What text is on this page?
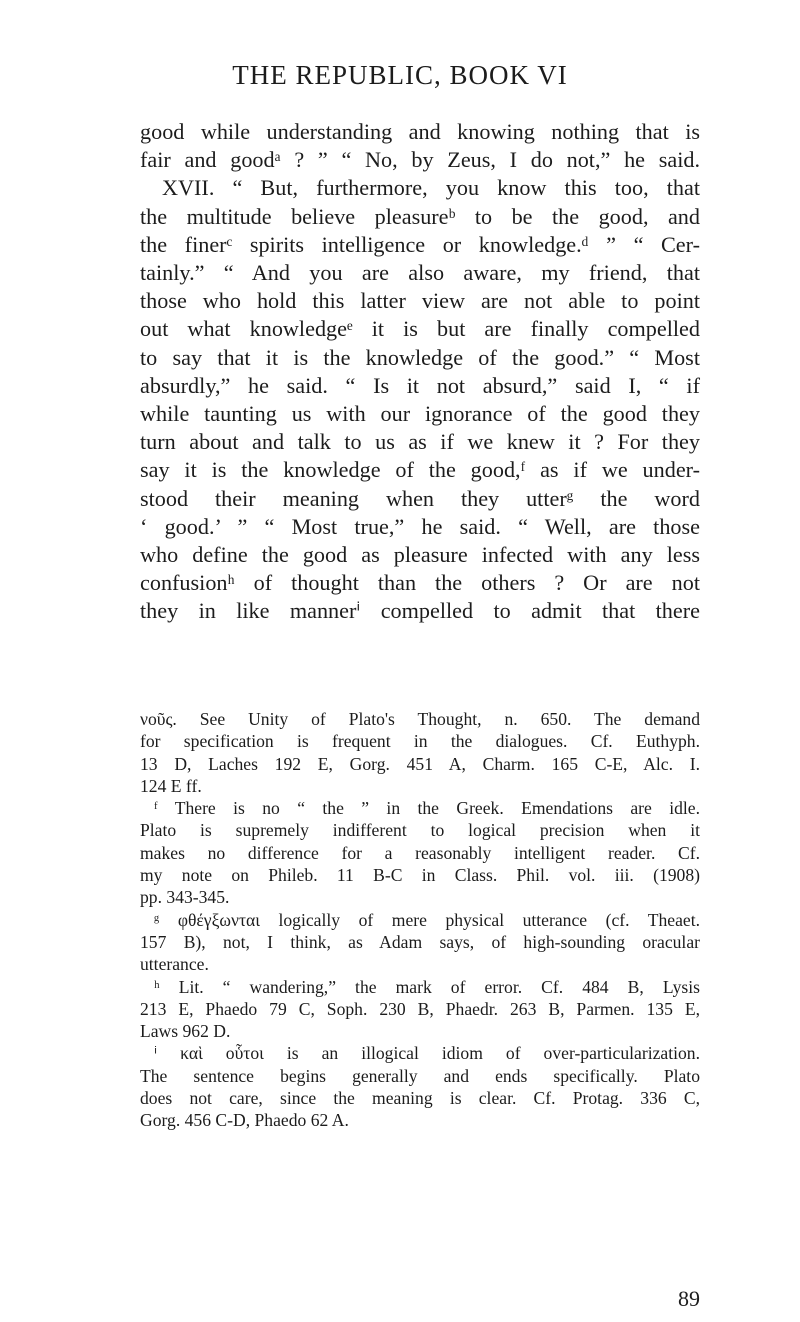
THE REPUBLIC, BOOK VI
good while understanding and knowing nothing that is
fair and goodᵃ ? ” “ No, by Zeus, I do not,” he said.
XVII. “ But, furthermore, you know this too, that
the multitude believe pleasureᵇ to be the good, and
the finerᶜ spirits intelligence or knowledge.ᵈ ” “ Cer-
tainly.” “ And you are also aware, my friend, that
those who hold this latter view are not able to point
out what knowledgeᵉ it is but are finally compelled
to say that it is the knowledge of the good.” “ Most
absurdly,” he said. “ Is it not absurd,” said I, “ if
while taunting us with our ignorance of the good they
turn about and talk to us as if we knew it ? For they
say it is the knowledge of the good,ᶠ as if we under-
stood their meaning when they utterᵍ the word
‘ good.’ ” “ Most true,” he said. “ Well, are those
who define the good as pleasure infected with any less
confusionʰ of thought than the others ? Or are not
they in like mannerⁱ compelled to admit that there
νοῦς. See Unity of Plato's Thought, n. 650. The demand
for specification is frequent in the dialogues. Cf. Euthyph.
13 D, Laches 192 E, Gorg. 451 A, Charm. 165 C-E, Alc. I.
124 E ff.
ᶠ There is no “ the ” in the Greek. Emendations are idle.
Plato is supremely indifferent to logical precision when it
makes no difference for a reasonably intelligent reader. Cf.
my note on Phileb. 11 B-C in Class. Phil. vol. iii. (1908)
pp. 343-345.
ᵍ φθέγξωνται logically of mere physical utterance (cf. Theaet.
157 B), not, I think, as Adam says, of high-sounding oracular
utterance.
ʰ Lit. “ wandering,” the mark of error. Cf. 484 B, Lysis
213 E, Phaedo 79 C, Soph. 230 B, Phaedr. 263 B, Parmen. 135 E,
Laws 962 D.
ⁱ καὶ οὗτοι is an illogical idiom of over-particularization.
The sentence begins generally and ends specifically. Plato
does not care, since the meaning is clear. Cf. Protag. 336 C,
Gorg. 456 C-D, Phaedo 62 A.
89
